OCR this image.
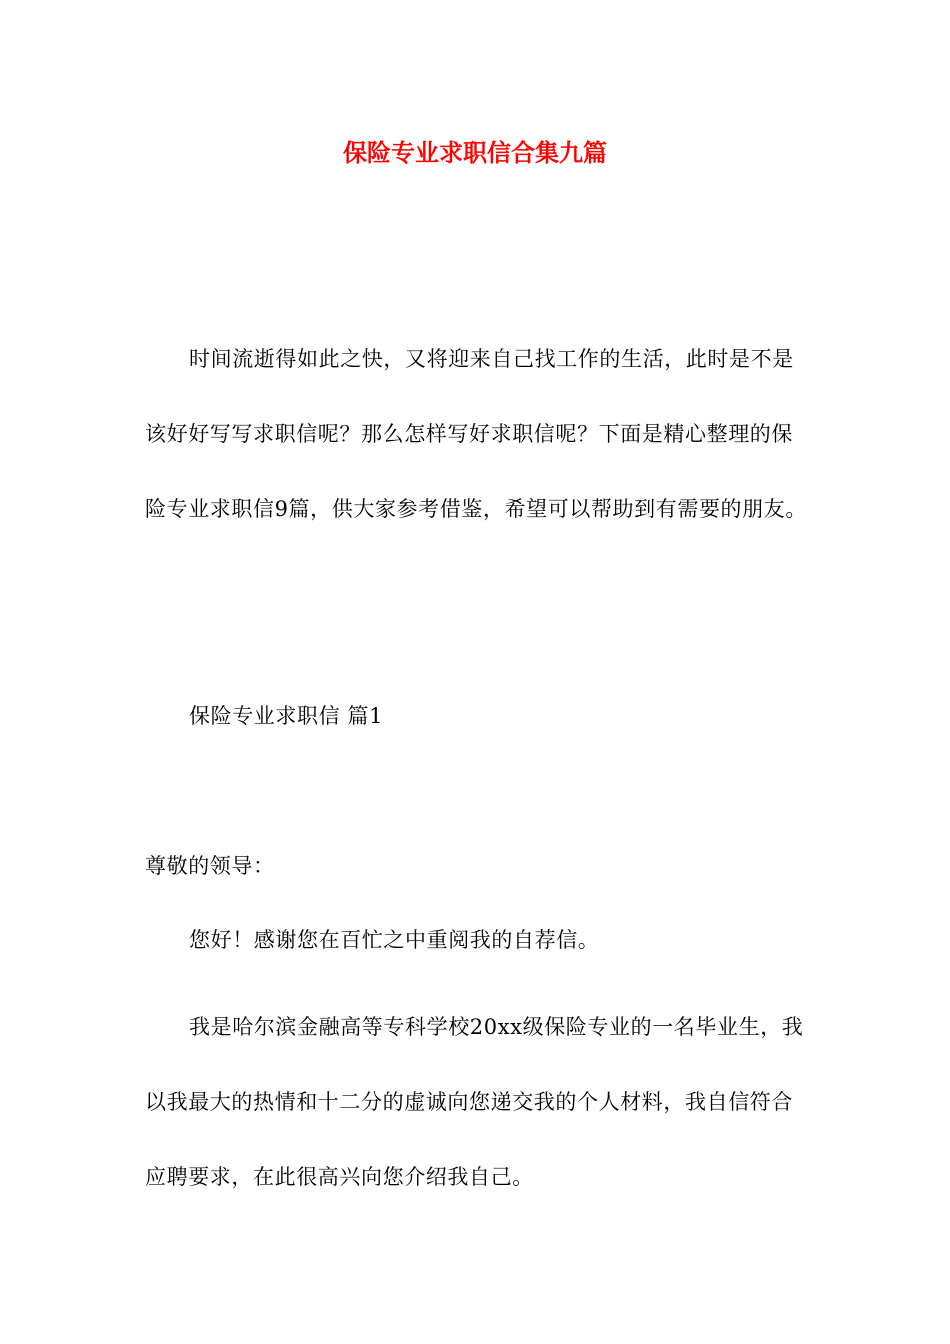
保险专业求职信合集九篇

时间流逝得如此之快，又将迎来自己找工作的生活，此时是不是该好好写写求职信呢？那么怎样写好求职信呢？下面是精心整理的保险专业求职信9篇，供大家参考借鉴，希望可以帮助到有需要的朋友。

保险专业求职信 篇1

尊敬的领导：

您好！感谢您在百忙之中重阅我的自荐信。

我是哈尔滨金融高等专科学校20xx级保险专业的一名毕业生，我以我最大的热情和十二分的虚诚向您递交我的个人材料，我自信符合应聘要求，在此很高兴向您介绍我自己。
